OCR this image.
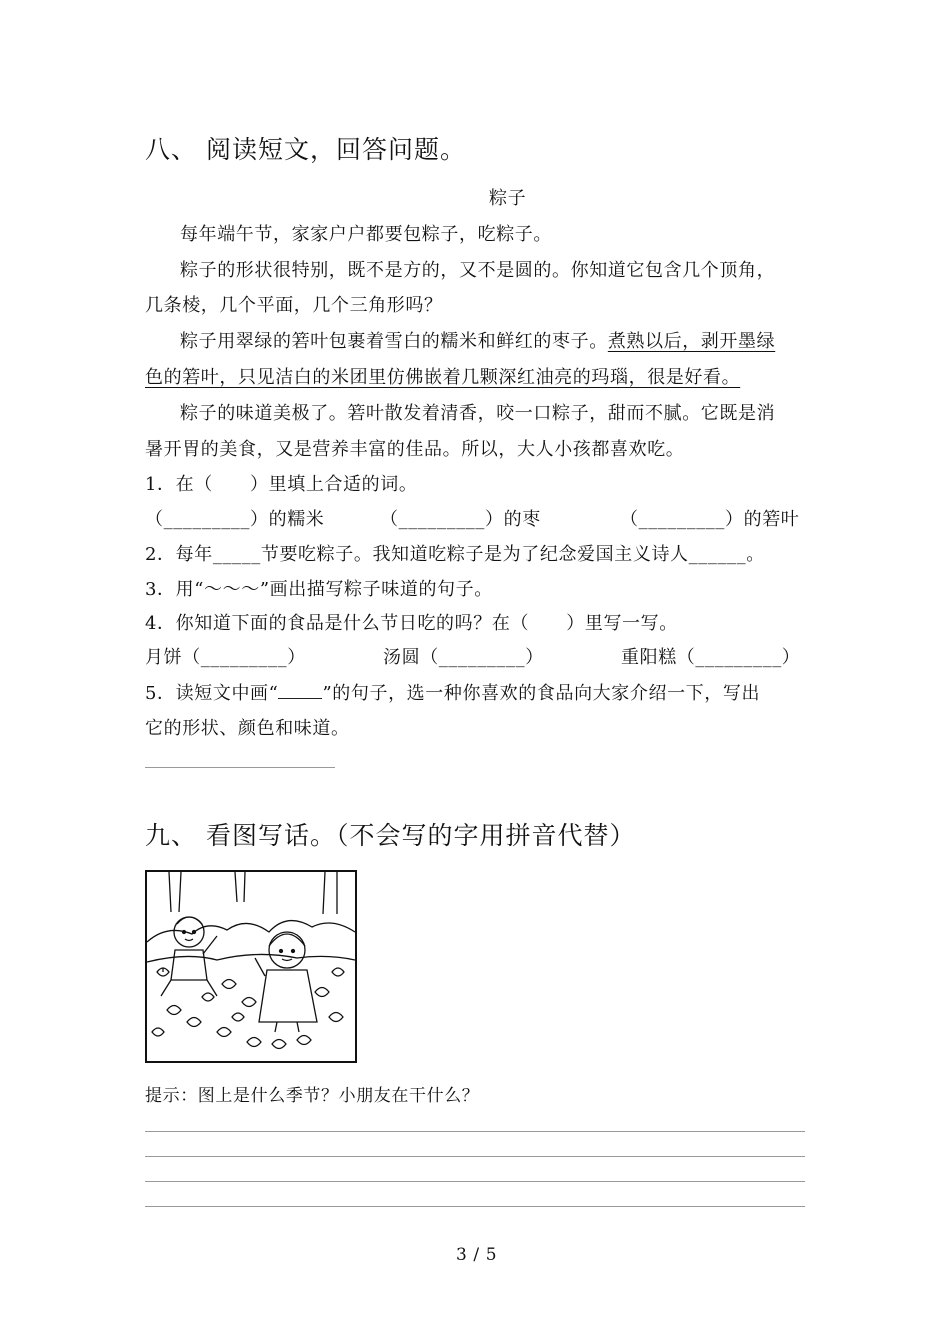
八、 阅读短文，回答问题。
粽子
每年端午节，家家户户都要包粽子，吃粽子。
粽子的形状很特别，既不是方的，又不是圆的。你知道它包含几个顶角，
几条棱，几个平面，几个三角形吗？
粽子用翠绿的箬叶包裹着雪白的糯米和鲜红的枣子。煮熟以后，剥开墨绿
色的箬叶，只见洁白的米团里仿佛嵌着几颗深红油亮的玛瑙，很是好看。
粽子的味道美极了。箬叶散发着清香，咬一口粽子，甜而不腻。它既是消
暑开胃的美食，又是营养丰富的佳品。所以，大人小孩都喜欢吃。
1．在（　　）里填上合适的词。
（_________）的糯米	（_________）的枣	（_________）的箬叶
2．每年_____节要吃粽子。我知道吃粽子是为了纪念爱国主义诗人______。
3．用“～～～”画出描写粽子味道的句子。
4．你知道下面的食品是什么节日吃的吗？在（　　）里写一写。
月饼（_________）	汤圆（_________）	重阳糕（_________）
5．读短文中画“ ”的句子，选一种你喜欢的食品向大家介绍一下，写出
它的形状、颜色和味道。
九、 看图写话。（不会写的字用拼音代替）
提示：图上是什么季节？小朋友在干什么？
3 / 5
